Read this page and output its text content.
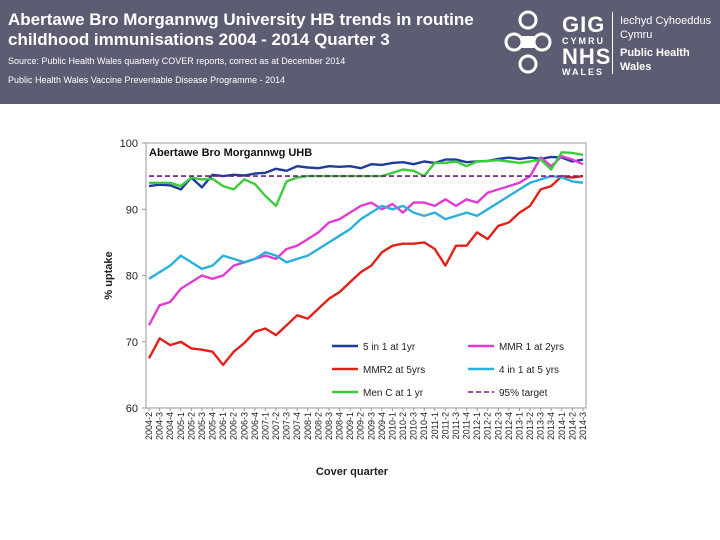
Abertawe Bro Morgannwg University HB trends in routine childhood immunisations 2004 - 2014 Quarter 3
Source: Public Health Wales quarterly COVER reports, correct as at December 2014
Public Health Wales Vaccine Preventable Disease Programme - 2014
GIG
CYMRU
NHS
WALES
Iechyd Cyhoeddus
Cymru
Public Health
Wales
60
70
80
90
100
2004-2 2004-3 2004-4 2005-1 2005-2 2005-3 2005-4 2006-1 2006-2 2006-3 2006-4 2007-1 2007-2 2007-3 2007-4 2008-1 2008-2 2008-3 2008-4 2009-1 2009-2 2009-3 2009-4 2010-1 2010-2 2010-3 2010-4 2011-1 2011-2 2011-3 2011-4 2012-1 2012-2 2012-3 2012-4 2013-1 2013-2 2013-3 2013-4 2014-1 2014-2 2014-3
Abertawe Bro Morgannwg UHB
% uptake
Cover quarter
5 in 1 at 1yr	MMR 1 at 2yrs
MMR2 at 5yrs	4 in 1 at 5 yrs
Men C at 1 yr	95% target
